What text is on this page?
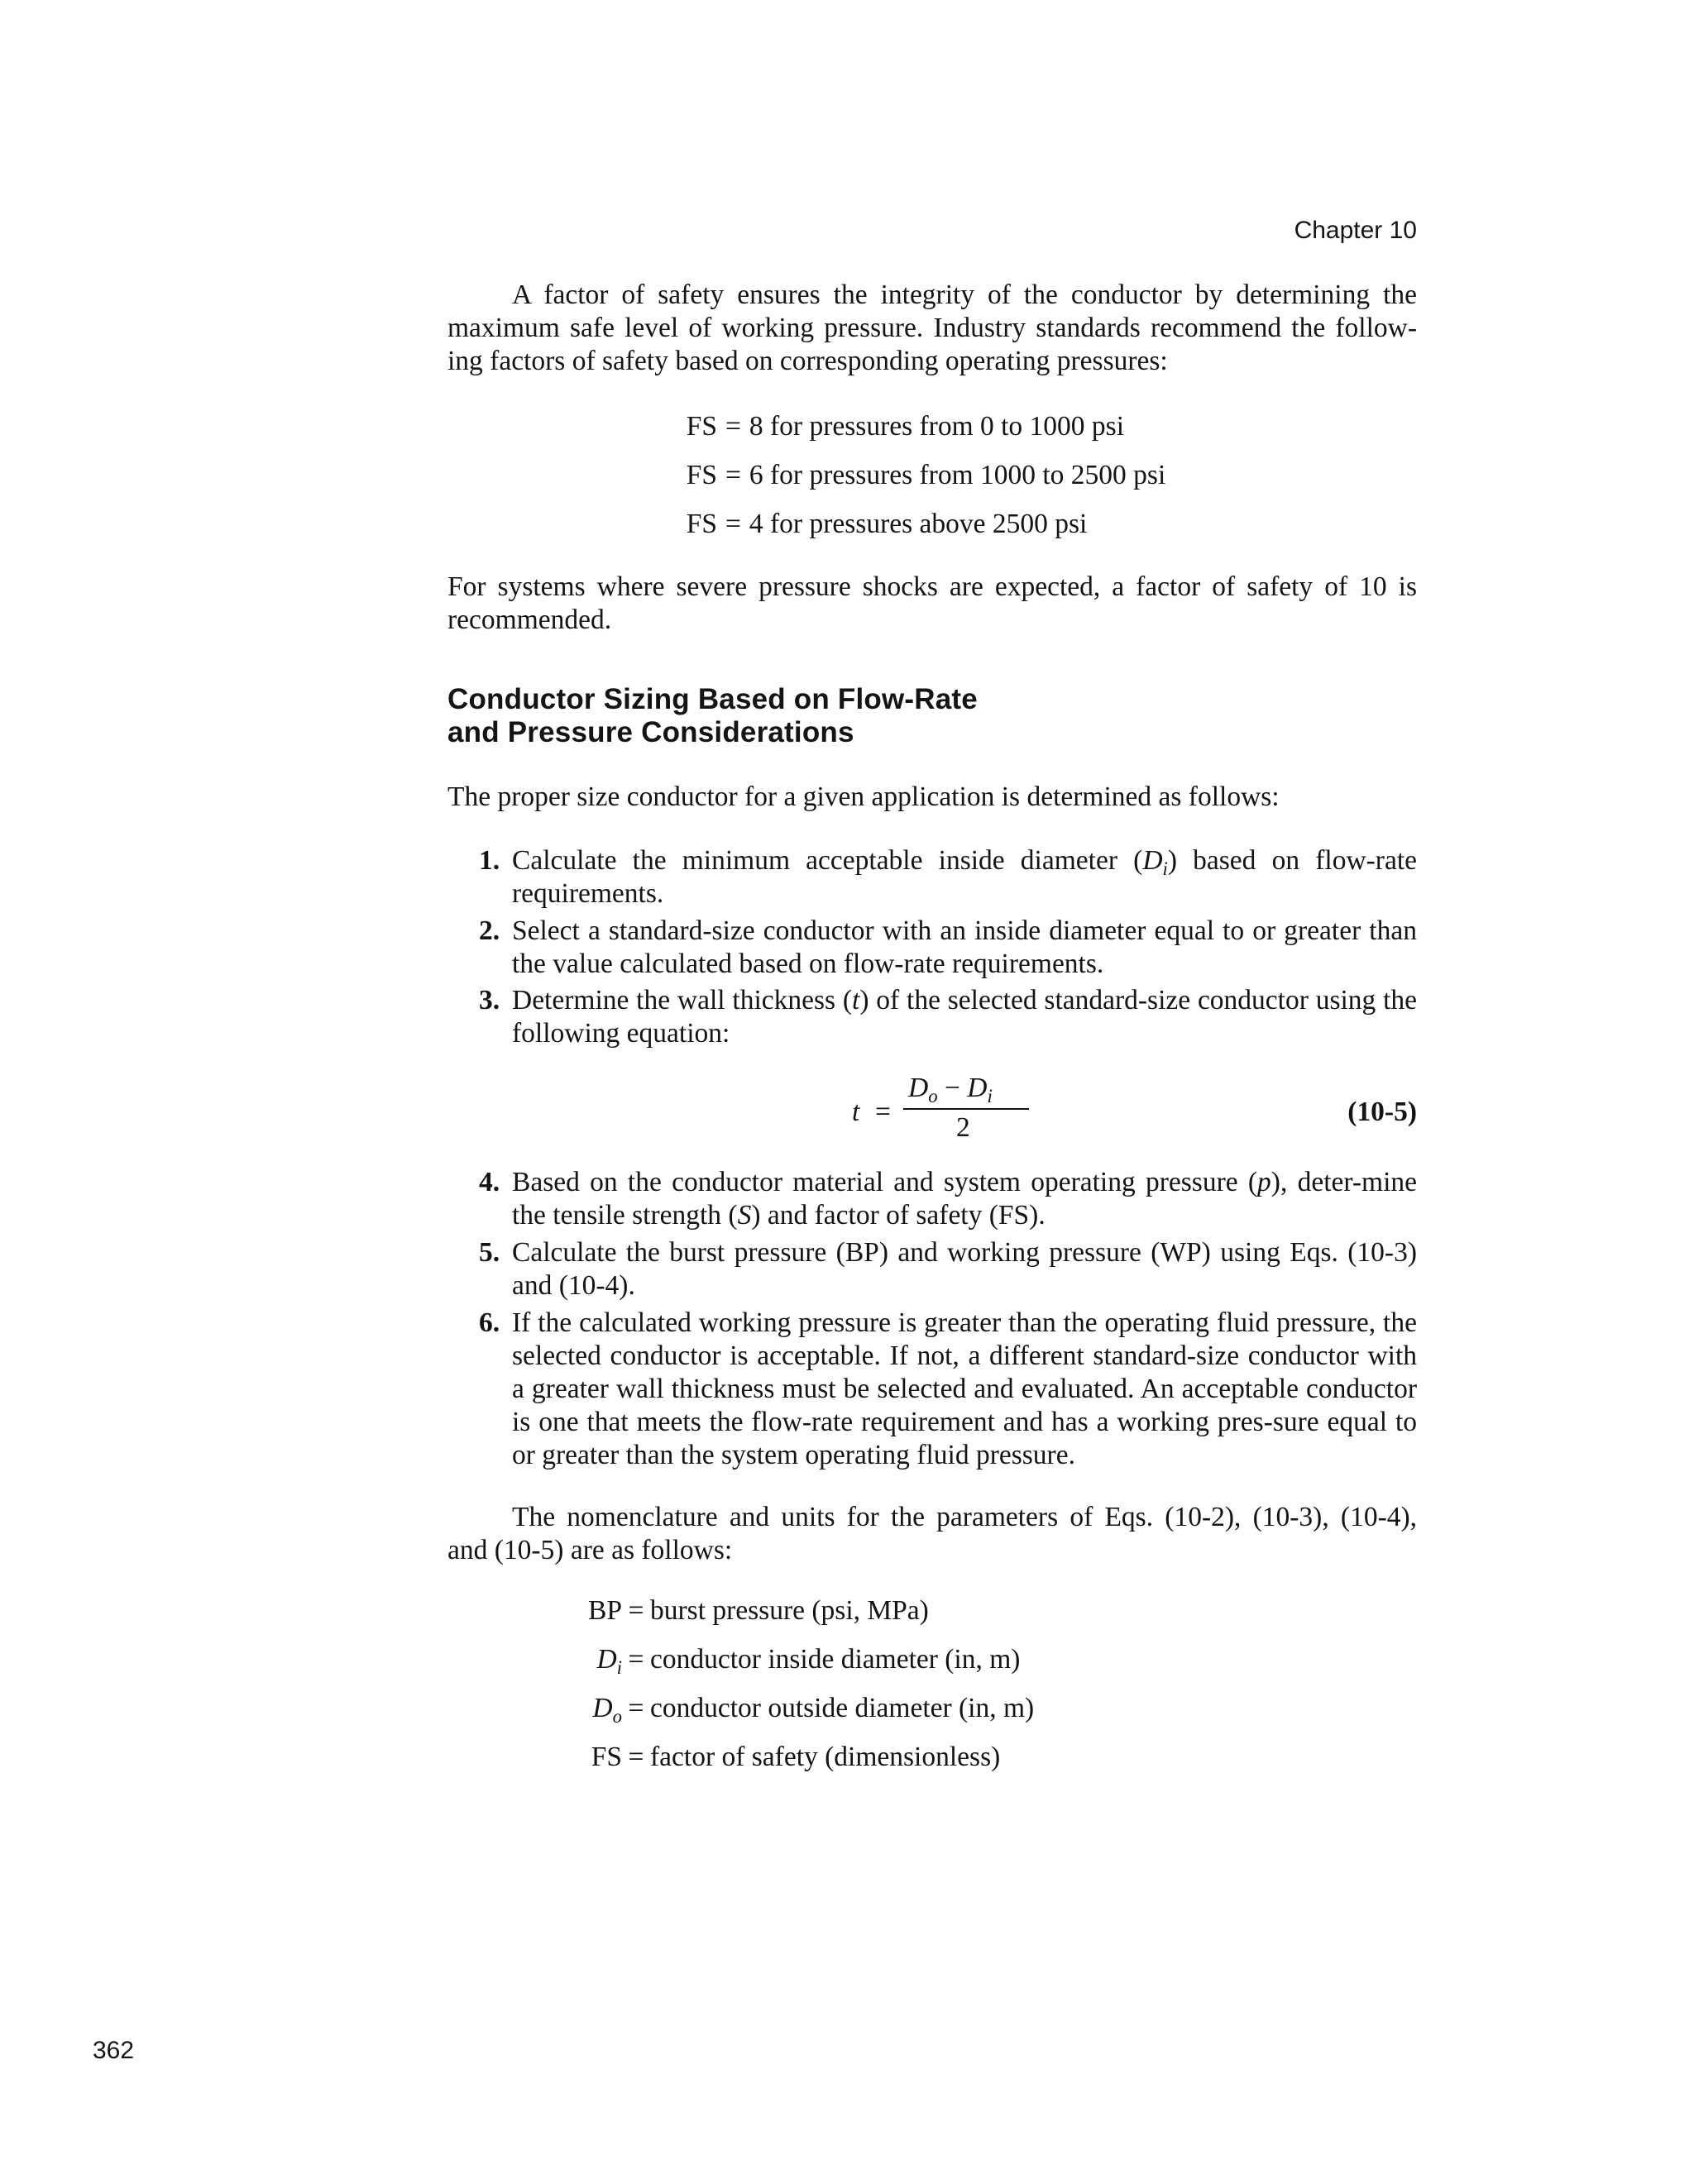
Chapter 10
A factor of safety ensures the integrity of the conductor by determining the
maximum safe level of working pressure. Industry standards recommend the follow-
ing factors of safety based on corresponding operating pressures:
FS = 8 for pressures from 0 to 1000 psi
FS = 6 for pressures from 1000 to 2500 psi
FS = 4 for pressures above 2500 psi
For systems where severe pressure shocks are expected, a factor of safety of 10 is recommended.
Conductor Sizing Based on Flow-Rate
and Pressure Considerations
The proper size conductor for a given application is determined as follows:
1. Calculate the minimum acceptable inside diameter $(D_i)$ based on flow-rate requirements.
2. Select a standard-size conductor with an inside diameter equal to or greater than the value calculated based on flow-rate requirements.
3. Determine the wall thickness (t) of the selected standard-size conductor using the following equation:
t =
$D_o - D_i$
2
(10-5)
4. Based on the conductor material and system operating pressure (p), deter-mine the tensile strength (S) and factor of safety (FS).
5. Calculate the burst pressure (BP) and working pressure (WP) using Eqs. (10-3) and (10-4).
6. If the calculated working pressure is greater than the operating fluid pressure, the selected conductor is acceptable. If not, a different standard-size conductor with a greater wall thickness must be selected and evaluated. An acceptable conductor is one that meets the flow-rate requirement and has a working pres-sure equal to or greater than the system operating fluid pressure.
The nomenclature and units for the parameters of Eqs. (10-2), (10-3), (10-4),
and (10-5) are as follows:
BP = burst pressure (psi, MPa)
$D_i$ = conductor inside diameter (in, m)
$D_o$ = conductor outside diameter (in, m)
FS = factor of safety (dimensionless)
362
